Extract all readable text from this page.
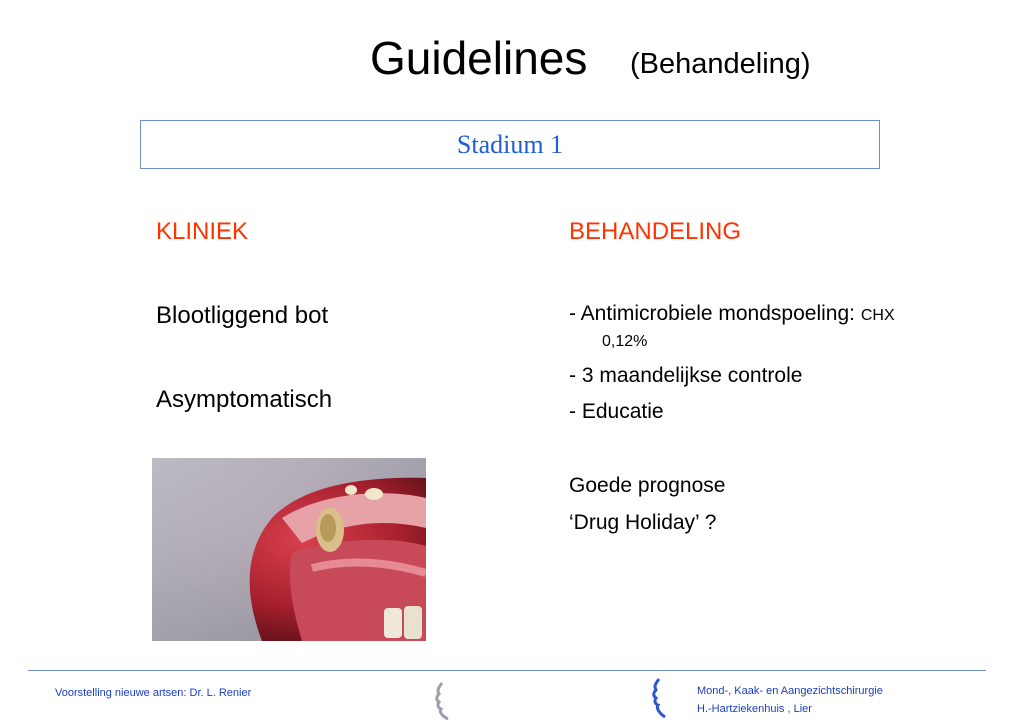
Guidelines (Behandeling)
Stadium 1
KLINIEK
Blootliggend bot
Asymptomatisch
BEHANDELING
- Antimicrobiele mondspoeling: CHX
0,12%
- 3 maandelijkse controle
- Educatie
Goede prognose
‘Drug Holiday’ ?
Voorstelling nieuwe artsen: Dr. L. Renier	Mond-, Kaak- en Aangezichtschirurgie
H.-Hartziekenhuis , Lier
